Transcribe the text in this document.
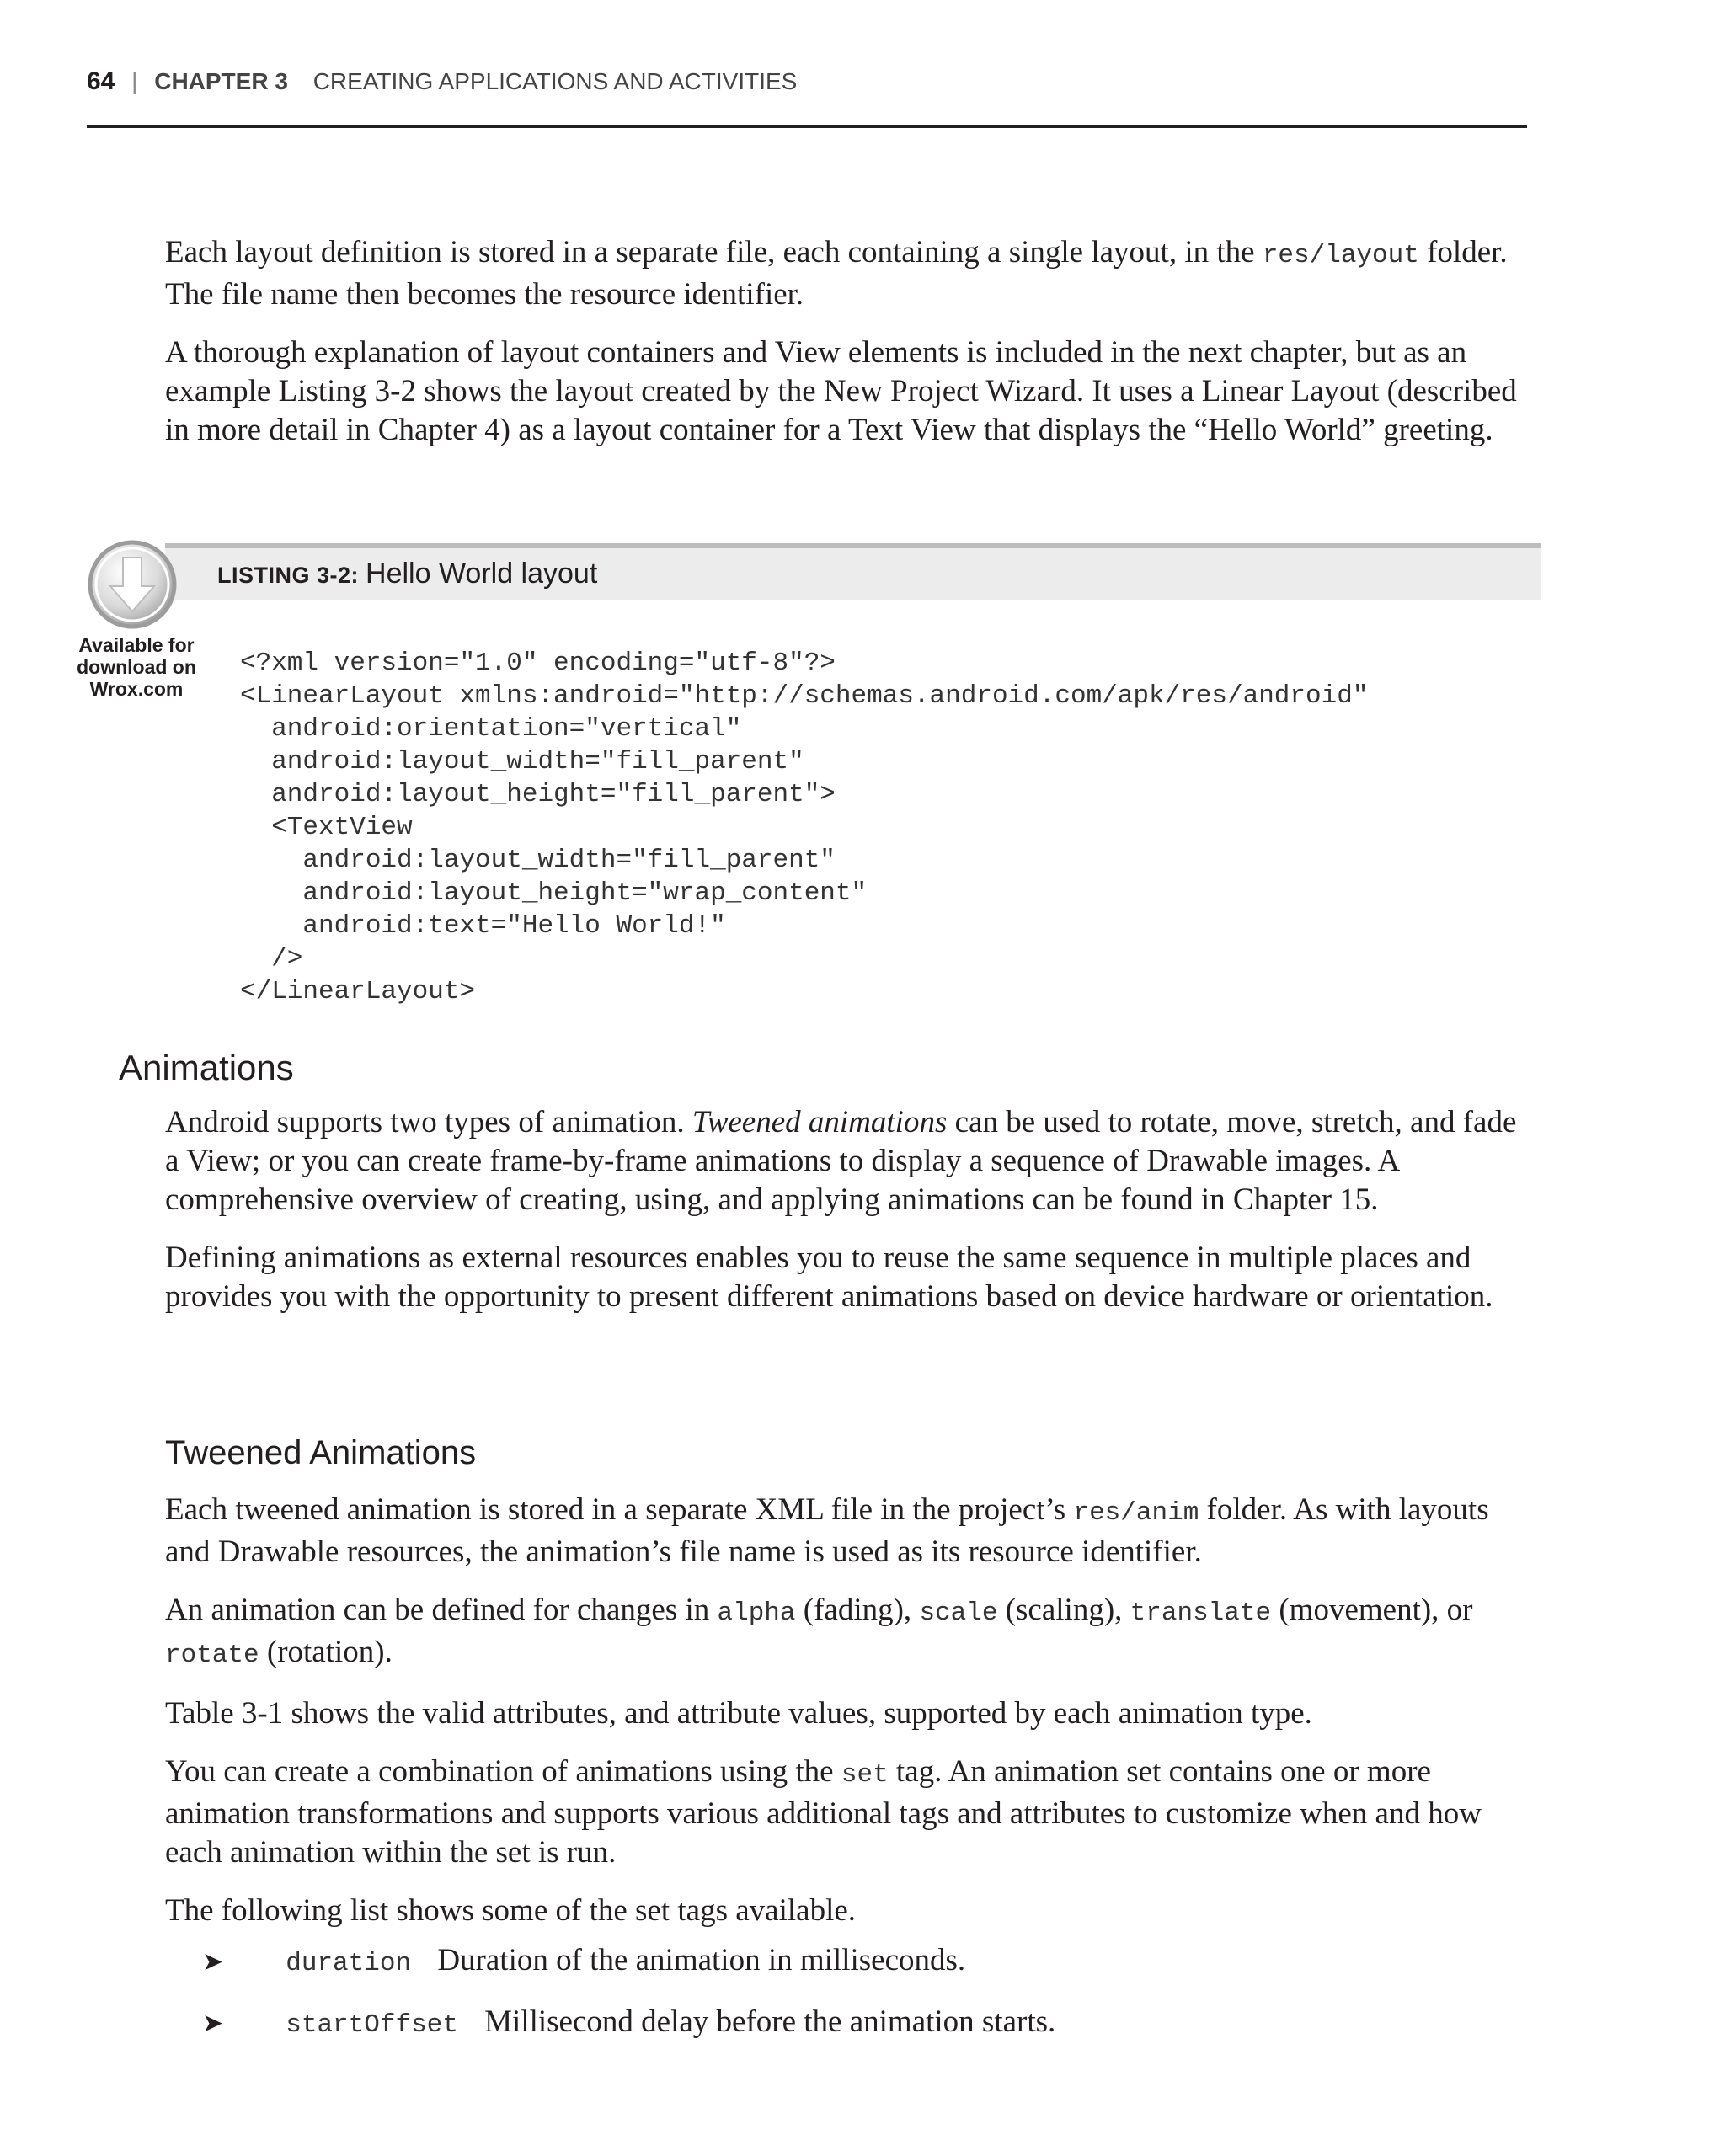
64 | CHAPTER 3 CREATING APPLICATIONS AND ACTIVITIES

Each layout definition is stored in a separate file, each containing a single layout, in the res/layout folder. The file name then becomes the resource identifier.

A thorough explanation of layout containers and View elements is included in the next chapter, but as an example Listing 3-2 shows the layout created by the New Project Wizard. It uses a Linear Layout (described in more detail in Chapter 4) as a layout container for a Text View that displays the “Hello World” greeting.

Available for
download on
Wrox.com
LISTING 3-2: Hello World layout
<?xml version="1.0" encoding="utf-8"?>
<LinearLayout xmlns:android="http://schemas.android.com/apk/res/android"
android:orientation="vertical"
android:layout_width="fill_parent"
android:layout_height="fill_parent">
<TextView
android:layout_width="fill_parent"
android:layout_height="wrap_content"
android:text="Hello World!"
/>
</LinearLayout>
Animations

Android supports two types of animation. Tweened animations can be used to rotate, move, stretch, and fade a View; or you can create frame-by-frame animations to display a sequence of Drawable images. A comprehensive overview of creating, using, and applying animations can be found in Chapter 15.

Defining animations as external resources enables you to reuse the same sequence in multiple places and provides you with the opportunity to present different animations based on device hardware or orientation.

Tweened Animations

Each tweened animation is stored in a separate XML file in the project’s res/anim folder. As with layouts and Drawable resources, the animation’s file name is used as its resource identifier.

An animation can be defined for changes in alpha (fading), scale (scaling), translate (movement), or rotate (rotation).

Table 3-1 shows the valid attributes, and attribute values, supported by each animation type.

You can create a combination of animations using the set tag. An animation set contains one or more animation transformations and supports various additional tags and attributes to customize when and how each animation within the set is run.

The following list shows some of the set tags available.

➤ duration Duration of the animation in milliseconds.
➤ startOffset Millisecond delay before the animation starts.
